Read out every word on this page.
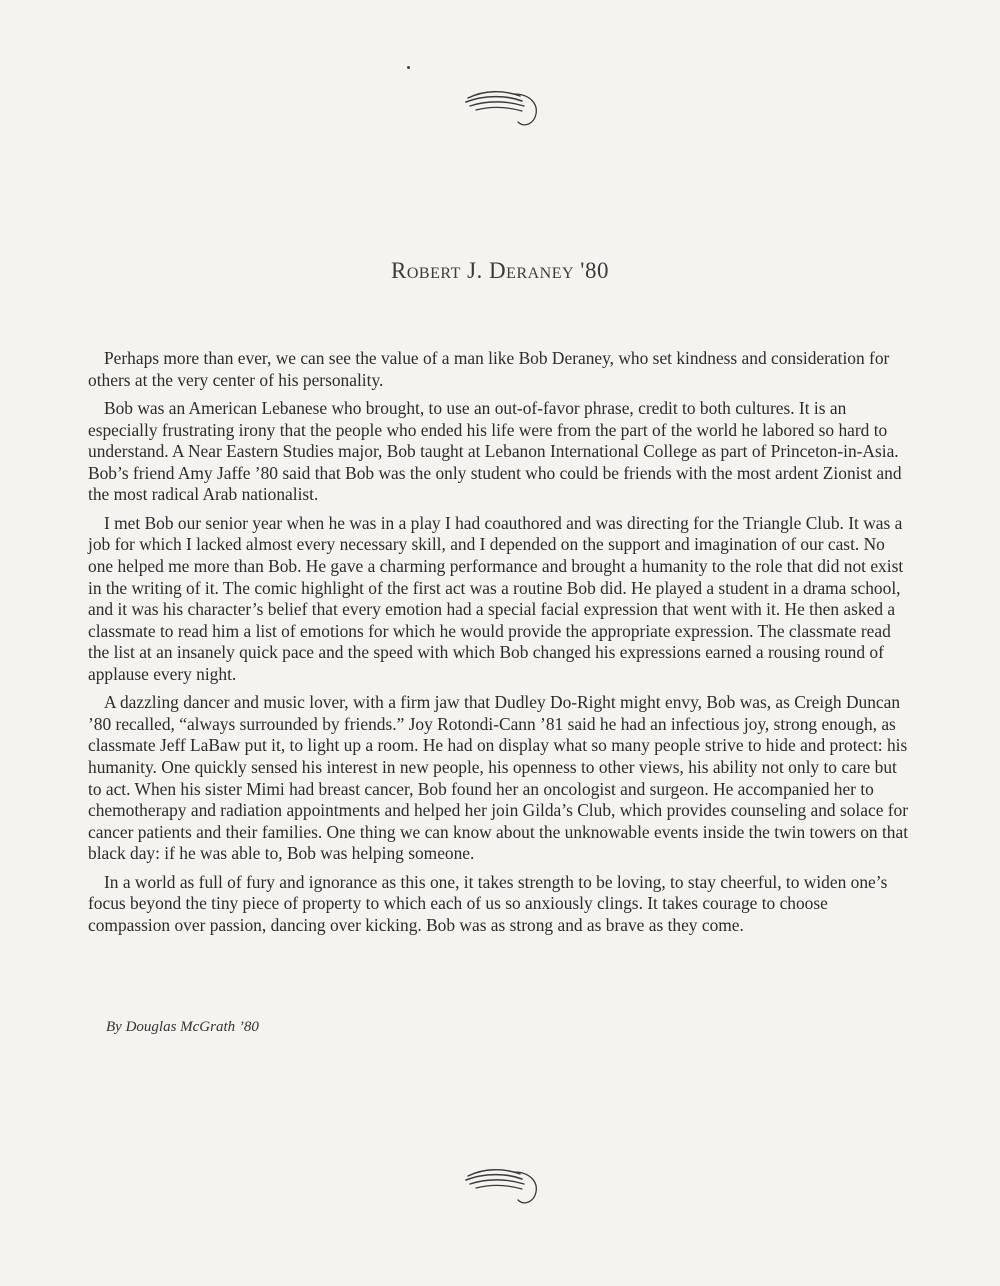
Robert J. Deraney '80

Perhaps more than ever, we can see the value of a man like Bob Deraney, who set kindness and consideration for others at the very center of his personality.

Bob was an American Lebanese who brought, to use an out-of-favor phrase, credit to both cultures. It is an especially frustrating irony that the people who ended his life were from the part of the world he labored so hard to understand. A Near Eastern Studies major, Bob taught at Lebanon International College as part of Princeton-in-Asia. Bob’s friend Amy Jaffe ’80 said that Bob was the only student who could be friends with the most ardent Zionist and the most radical Arab nationalist.

I met Bob our senior year when he was in a play I had coauthored and was directing for the Triangle Club. It was a job for which I lacked almost every necessary skill, and I depended on the support and imagination of our cast. No one helped me more than Bob. He gave a charming performance and brought a humanity to the role that did not exist in the writing of it. The comic highlight of the first act was a routine Bob did. He played a student in a drama school, and it was his character’s belief that every emotion had a special facial expression that went with it. He then asked a classmate to read him a list of emotions for which he would provide the appropriate expression. The classmate read the list at an insanely quick pace and the speed with which Bob changed his expressions earned a rousing round of applause every night.

A dazzling dancer and music lover, with a firm jaw that Dudley Do-Right might envy, Bob was, as Creigh Duncan ’80 recalled, “always surrounded by friends.” Joy Rotondi-Cann ’81 said he had an infectious joy, strong enough, as classmate Jeff LaBaw put it, to light up a room. He had on display what so many people strive to hide and protect: his humanity. One quickly sensed his interest in new people, his openness to other views, his ability not only to care but to act. When his sister Mimi had breast cancer, Bob found her an oncologist and surgeon. He accompanied her to chemotherapy and radiation appointments and helped her join Gilda’s Club, which provides counseling and solace for cancer patients and their families. One thing we can know about the unknowable events inside the twin towers on that black day: if he was able to, Bob was helping someone.

In a world as full of fury and ignorance as this one, it takes strength to be loving, to stay cheerful, to widen one’s focus beyond the tiny piece of property to which each of us so anxiously clings. It takes courage to choose compassion over passion, dancing over kicking. Bob was as strong and as brave as they come.

By Douglas McGrath ’80
